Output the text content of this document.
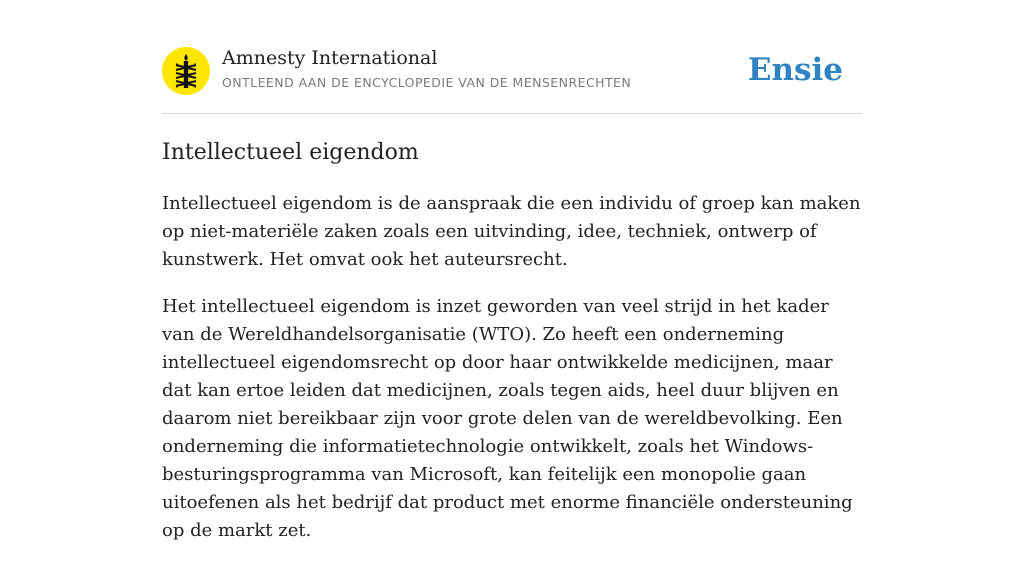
Amnesty International
ONTLEEND AAN DE ENCYCLOPEDIE VAN DE MENSENRECHTEN	Ensie
Intellectueel eigendom

Intellectueel eigendom is de aanspraak die een individu of groep kan maken op niet-materiële zaken zoals een uitvinding, idee, techniek, ontwerp of kunstwerk. Het omvat ook het auteursrecht.

Het intellectueel eigendom is inzet geworden van veel strijd in het kader van de Wereldhandelsorganisatie (WTO). Zo heeft een onderneming intellectueel eigendomsrecht op door haar ontwikkelde medicijnen, maar dat kan ertoe leiden dat medicijnen, zoals tegen aids, heel duur blijven en daarom niet bereikbaar zijn voor grote delen van de wereldbevolking. Een onderneming die informatietechnologie ontwikkelt, zoals het Windows-besturingsprogramma van Microsoft, kan feitelijk een monopolie gaan uitoefenen als het bedrijf dat product met enorme financiële ondersteuning op de markt zet.
